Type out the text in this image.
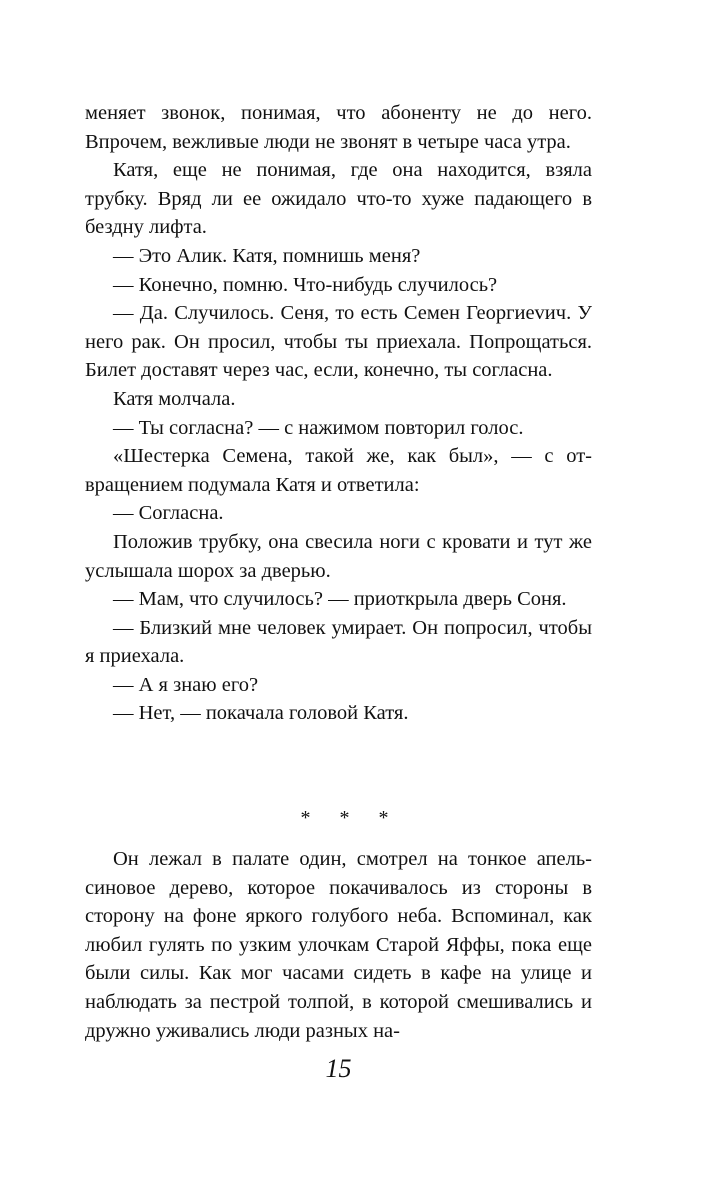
меняет звонок, понимая, что абоненту не до него. Впрочем, вежливые люди не звонят в четыре часа утра.

Катя, еще не понимая, где она находится, взяла трубку. Вряд ли ее ожидало что-то хуже падающего в бездну лифта.

— Это Алик. Катя, помнишь меня?

— Конечно, помню. Что-нибудь случилось?

— Да. Случилось. Сеня, то есть Семен Георгиеvич. У него рак. Он просил, чтобы ты приехала. Попрощаться. Билет доставят через час, если, конечно, ты согласна.

Катя молчала.

— Ты согласна? — с нажимом повторил голос.

«Шестерка Семена, такой же, как был», — с отвращением подумала Катя и ответила:

— Согласна.

Положив трубку, она свесила ноги с кровати и тут же услышала шорох за дверью.

— Мам, что случилось? — приоткрыла дверь Соня.

— Близкий мне человек умирает. Он попросил, чтобы я приехала.

— А я знаю его?

— Нет, — покачала головой Катя.

* * *

Он лежал в палате один, смотрел на тонкое апельсиновое дерево, которое покачивалось из стороны в сторону на фоне яркого голубого неба. Вспоминал, как любил гулять по узким улочкам Старой Яффы, пока еще были силы. Как мог часами сидеть в кафе на улице и наблюдать за пестрой толпой, в которой смешивались и дружно уживались люди разных на-

15
